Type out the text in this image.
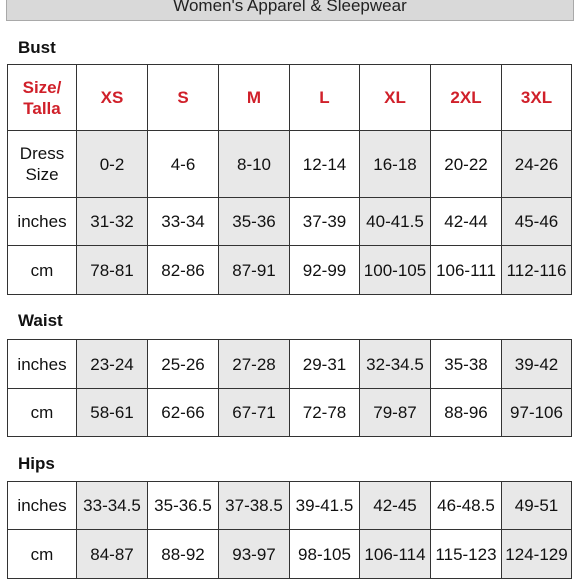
Women's Apparel & Sleepwear
Bust
Size/ Talla	XS	S	M	L	XL	2XL	3XL
Dress Size	0-2	4-6	8-10	12-14	16-18	20-22	24-26
inches	31-32	33-34	35-36	37-39	40-41.5	42-44	45-46
cm	78-81	82-86	87-91	92-99	100-105	106-111	112-116
Waist
inches	23-24	25-26	27-28	29-31	32-34.5	35-38	39-42
cm	58-61	62-66	67-71	72-78	79-87	88-96	97-106
Hips
inches	33-34.5	35-36.5	37-38.5	39-41.5	42-45	46-48.5	49-51
cm	84-87	88-92	93-97	98-105	106-114	115-123	124-129
